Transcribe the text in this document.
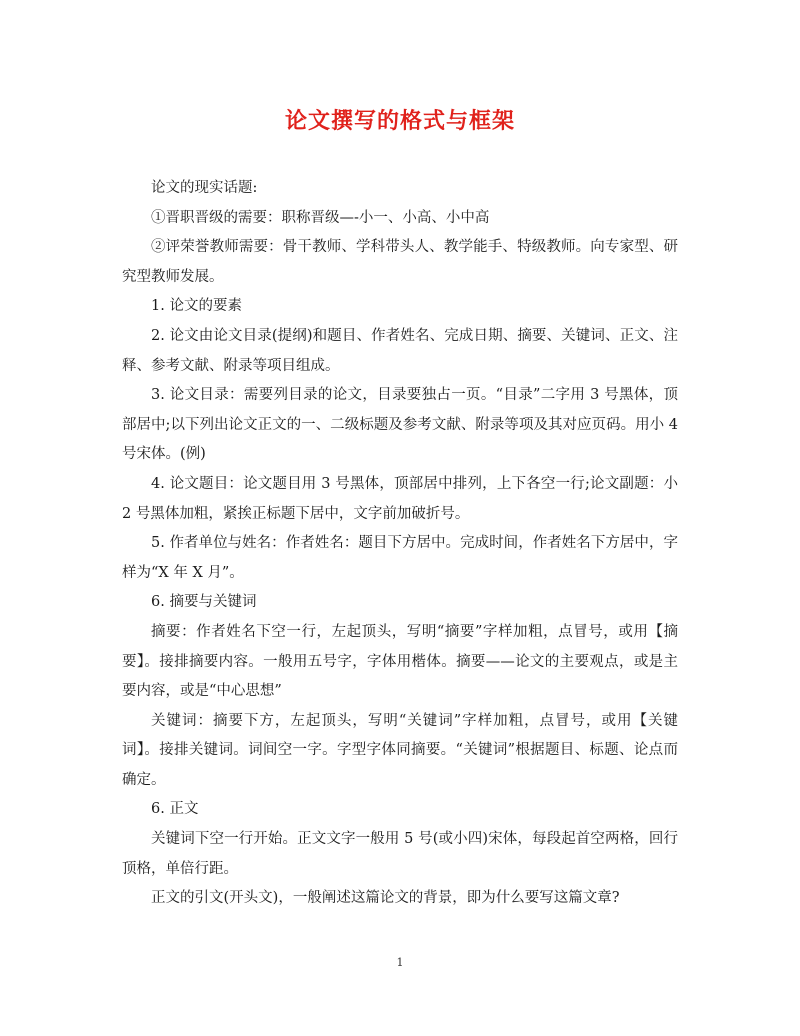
论文撰写的格式与框架

论文的现实话题:

①晋职晋级的需要：职称晋级—-小一、小高、小中高

②评荣誉教师需要：骨干教师、学科带头人、教学能手、特级教师。向专家型、研究型教师发展。

1. 论文的要素

2. 论文由论文目录(提纲)和题目、作者姓名、完成日期、摘要、关键词、正文、注释、参考文献、附录等项目组成。

3. 论文目录：需要列目录的论文，目录要独占一页。“目录”二字用 3 号黑体，顶部居中;以下列出论文正文的一、二级标题及参考文献、附录等项及其对应页码。用小 4 号宋体。(例)

4. 论文题目：论文题目用 3 号黑体，顶部居中排列，上下各空一行;论文副题：小 2 号黑体加粗，紧挨正标题下居中，文字前加破折号。

5. 作者单位与姓名：作者姓名：题目下方居中。完成时间，作者姓名下方居中，字样为“X 年 X 月”。

6. 摘要与关键词

摘要：作者姓名下空一行，左起顶头，写明“摘要”字样加粗，点冒号，或用【摘要】。接排摘要内容。一般用五号字，字体用楷体。摘要——论文的主要观点，或是主要内容，或是“中心思想”

关键词：摘要下方，左起顶头，写明“关键词”字样加粗，点冒号，或用【关键词】。接排关键词。词间空一字。字型字体同摘要。“关键词”根据题目、标题、论点而确定。

6. 正文

关键词下空一行开始。正文文字一般用 5 号(或小四)宋体，每段起首空两格，回行顶格，单倍行距。

正文的引文(开头文)，一般阐述这篇论文的背景，即为什么要写这篇文章?

1
